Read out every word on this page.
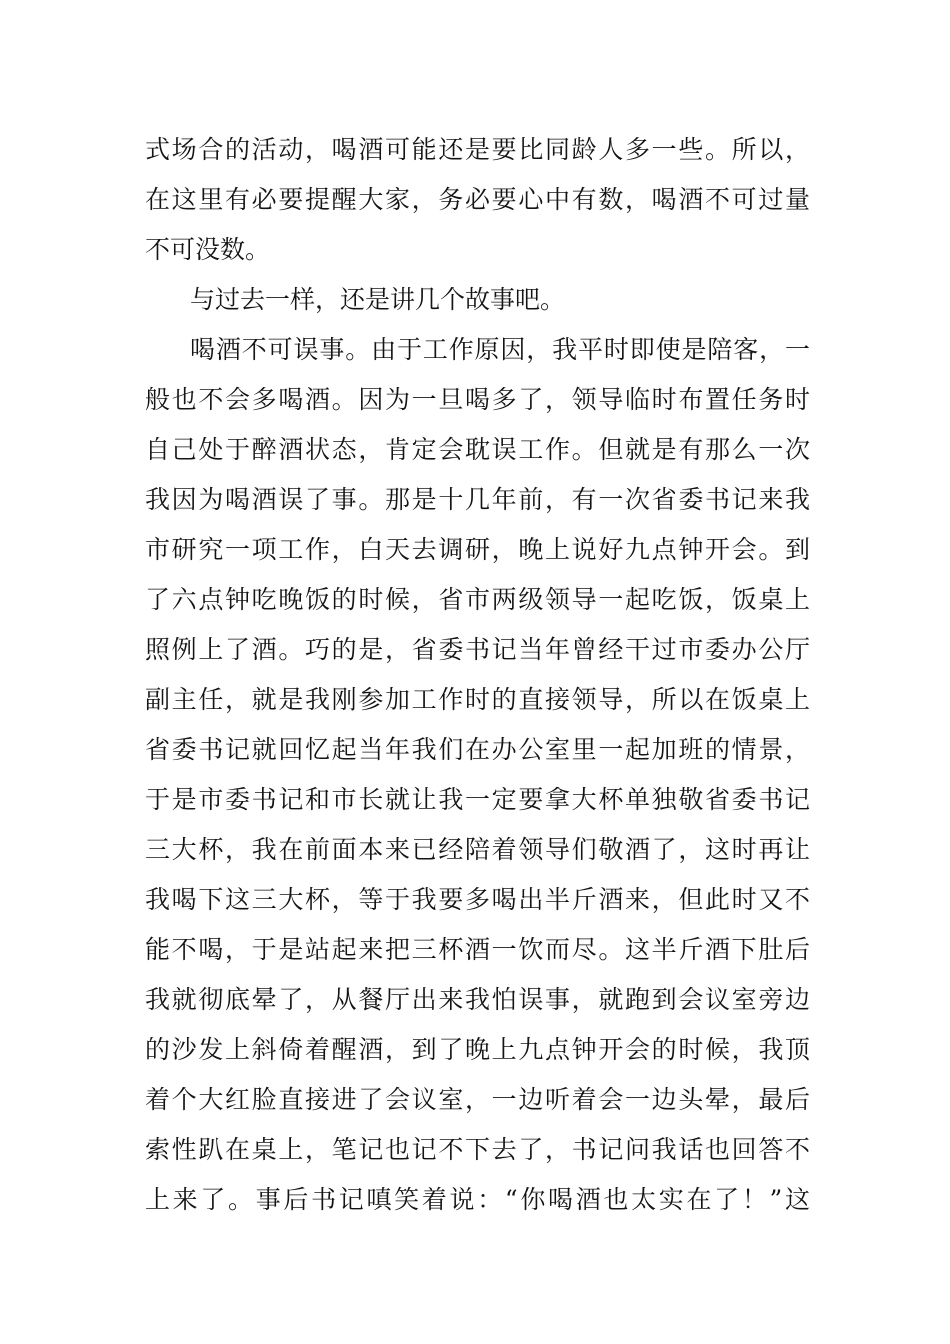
式场合的活动，喝酒可能还是要比同龄人多一些。所以，
在这里有必要提醒大家，务必要心中有数，喝酒不可过量
不可没数。
与过去一样，还是讲几个故事吧。
喝酒不可误事。由于工作原因，我平时即使是陪客，一
般也不会多喝酒。因为一旦喝多了，领导临时布置任务时
自己处于醉酒状态，肯定会耽误工作。但就是有那么一次
我因为喝酒误了事。那是十几年前，有一次省委书记来我
市研究一项工作，白天去调研，晚上说好九点钟开会。到
了六点钟吃晚饭的时候，省市两级领导一起吃饭，饭桌上
照例上了酒。巧的是，省委书记当年曾经干过市委办公厅
副主任，就是我刚参加工作时的直接领导，所以在饭桌上
省委书记就回忆起当年我们在办公室里一起加班的情景，
于是市委书记和市长就让我一定要拿大杯单独敬省委书记
三大杯，我在前面本来已经陪着领导们敬酒了，这时再让
我喝下这三大杯，等于我要多喝出半斤酒来，但此时又不
能不喝，于是站起来把三杯酒一饮而尽。这半斤酒下肚后
我就彻底晕了，从餐厅出来我怕误事，就跑到会议室旁边
的沙发上斜倚着醒酒，到了晚上九点钟开会的时候，我顶
着个大红脸直接进了会议室，一边听着会一边头晕，最后
索性趴在桌上，笔记也记不下去了，书记问我话也回答不
上来了。事后书记嗔笑着说：“你喝酒也太实在了！”这
